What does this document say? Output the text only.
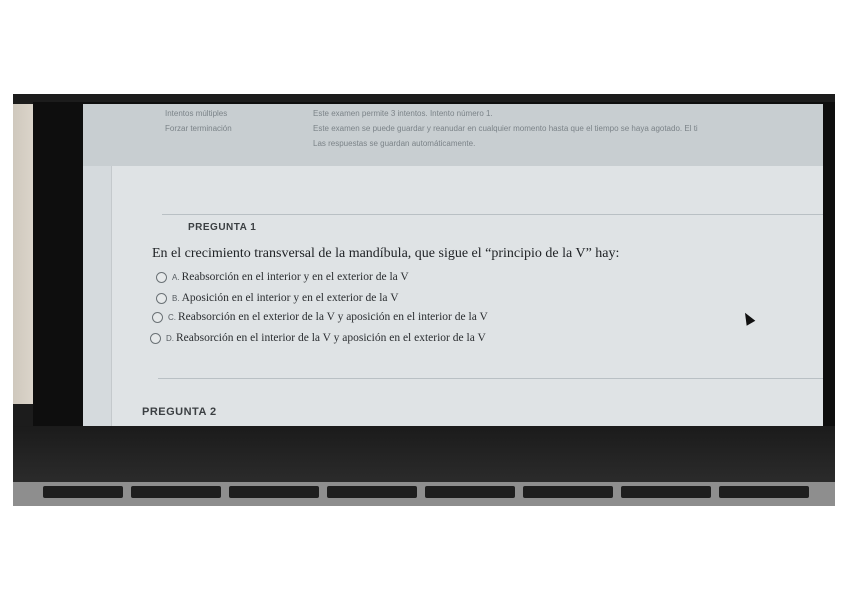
Intentos múltiples	Este examen permite 3 intentos. Intento número 1.
Forzar terminación	Este examen se puede guardar y reanudar en cualquier momento hasta que el tiempo se haya agotado. El ti
Las respuestas se guardan automáticamente.
PREGUNTA 1
En el crecimiento transversal de la mandíbula, que sigue el “principio de la V” hay:
A. Reabsorción en el interior y en el exterior de la V
B. Aposición en el interior y en el exterior de la V
C. Reabsorción en el exterior de la V y aposición en el interior de la V
D. Reabsorción en el interior de la V y aposición en el exterior de la V
PREGUNTA 2
